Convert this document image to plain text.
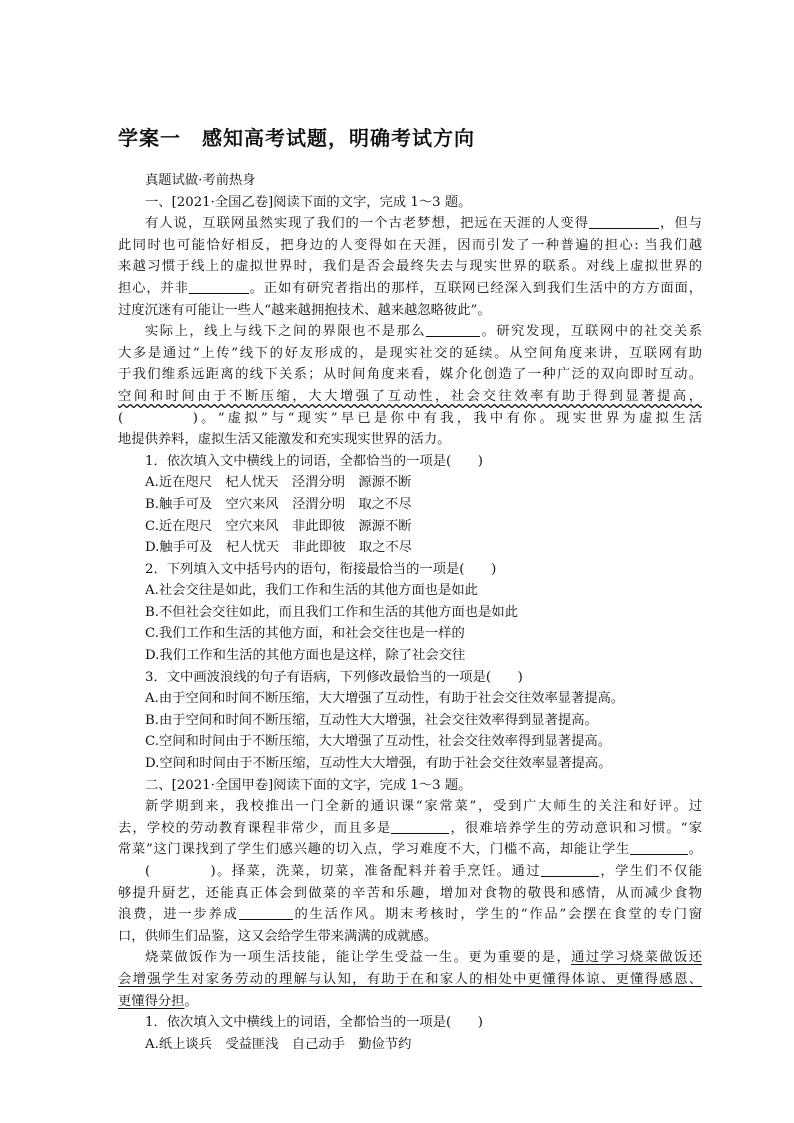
学案一　感知高考试题，明确考试方向
真题试做·考前热身
一、[2021·全国乙卷]阅读下面的文字，完成 1～3 题。
有人说，互联网虽然实现了我们的一个古老梦想，把远在天涯的人变得	，但与
此同时也可能恰好相反，把身边的人变得如在天涯，因而引发了一种普遍的担心: 当我们越
来越习惯于线上的虚拟世界时，我们是否会最终失去与现实世界的联系。对线上虚拟世界的
担心，并非	。正如有研究者指出的那样，互联网已经深入到我们生活中的方方面面，
过度沉迷有可能让一些人“越来越拥抱技术、越来越忽略彼此”。
实际上，线上与线下之间的界限也不是那么	。研究发现，互联网中的社交关系
大多是通过“上传”线下的好友形成的，是现实社交的延续。从空间角度来讲，互联网有助
于我们维系远距离的线下关系；从时间角度来看，媒介化创造了一种广泛的双向即时互动。
空间和时间由于不断压缩，大大增强了互动性，社会交往效率有助于得到显著提高，
(　　　　)。“虚拟”与“现实”早已是你中有我，我中有你。现实世界为虚拟生活
地提供养料，虚拟生活又能激发和充实现实世界的活力。
1．依次填入文中横线上的词语，全都恰当的一项是(　　)
A.近在咫尺　杞人忧天　泾渭分明　源源不断
B.触手可及　空穴来风　泾渭分明　取之不尽
C.近在咫尺　空穴来风　非此即彼　源源不断
D.触手可及　杞人忧天　非此即彼　取之不尽
2．下列填入文中括号内的语句，衔接最恰当的一项是(　　)
A.社会交往是如此，我们工作和生活的其他方面也是如此
B.不但社会交往如此，而且我们工作和生活的其他方面也是如此
C.我们工作和生活的其他方面，和社会交往也是一样的
D.我们工作和生活的其他方面也是这样，除了社会交往
3．文中画波浪线的句子有语病，下列修改最恰当的一项是(　　)
A.由于空间和时间不断压缩，大大增强了互动性，有助于社会交往效率显著提高。
B.由于空间和时间不断压缩，互动性大大增强，社会交往效率得到显著提高。
C.空间和时间由于不断压缩，大大增强了互动性，社会交往效率得到显著提高。
D.空间和时间由于不断压缩，互动性大大增强，有助于社会交往效率显著提高。
二、[2021·全国甲卷]阅读下面的文字，完成 1～3 题。
新学期到来，我校推出一门全新的通识课“家常菜”，受到广大师生的关注和好评。过
去，学校的劳动教育课程非常少，而且多是	，很难培养学生的劳动意识和习惯。“家
常菜”这门课找到了学生们感兴趣的切入点，学习难度不大，门槛不高，却能让学生	。
(　　　　)。择菜，洗菜，切菜，准备配料并着手烹饪。通过	，学生们不仅能
够提升厨艺，还能真正体会到做菜的辛苦和乐趣，增加对食物的敬畏和感情，从而减少食物
浪费，进一步养成	的生活作风。期末考核时，学生的“作品”会摆在食堂的专门窗
口，供师生们品鉴，这又会给学生带来满满的成就感。
烧菜做饭作为一项生活技能，能让学生受益一生。更为重要的是，通过学习烧菜做饭还
会增强学生对家务劳动的理解与认知，有助于在和家人的相处中更懂得体谅、更懂得感恩、
更懂得分担。
1．依次填入文中横线上的词语，全都恰当的一项是(　　)
A.纸上谈兵　受益匪浅　自己动手　勤俭节约
